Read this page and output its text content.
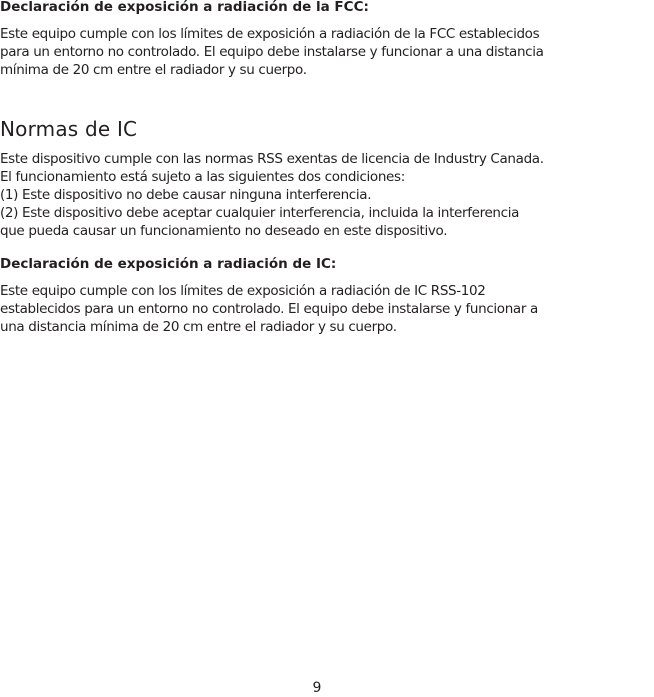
Declaración de exposición a radiación de la FCC:

Este equipo cumple con los límites de exposición a radiación de la FCC establecidos
para un entorno no controlado. El equipo debe instalarse y funcionar a una distancia
mínima de 20 cm entre el radiador y su cuerpo.

Normas de IC

Este dispositivo cumple con las normas RSS exentas de licencia de Industry Canada.
El funcionamiento está sujeto a las siguientes dos condiciones:
(1) Este dispositivo no debe causar ninguna interferencia.
(2) Este dispositivo debe aceptar cualquier interferencia, incluida la interferencia
que pueda causar un funcionamiento no deseado en este dispositivo.

Declaración de exposición a radiación de IC:

Este equipo cumple con los límites de exposición a radiación de IC RSS-102
establecidos para un entorno no controlado. El equipo debe instalarse y funcionar a
una distancia mínima de 20 cm entre el radiador y su cuerpo.

9
